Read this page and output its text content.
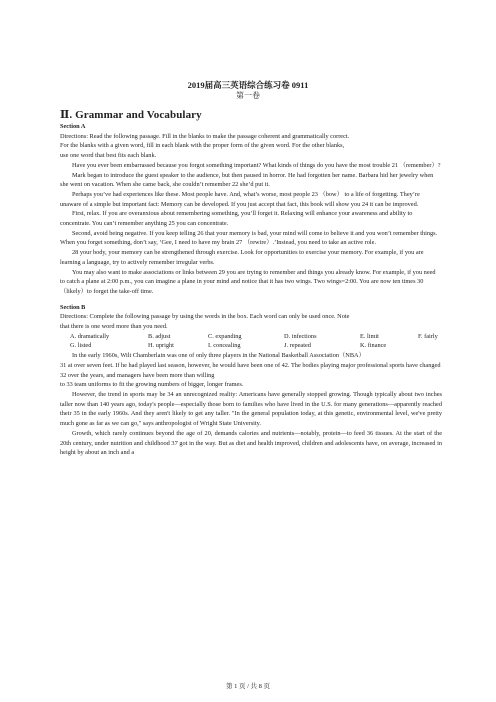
2019届高三英语综合练习卷 0911
第一卷
Ⅱ. Grammar and Vocabulary

Section A

Directions: Read the following passage. Fill in the blanks to make the passage coherent and grammatically correct.

For the blanks with a given word, fill in each blank with the proper form of the given word. For the other blanks,

use one word that best fits each blank.

Have you ever been embarrassed because you forgot something important? What kinds of things do you have the most trouble 21 （remember）?

Mark began to introduce the guest speaker to the audience, but then paused in horror. He had forgotten her name. Barbara hid her jewelry when she went on vacation. When she came back, she couldn’t remember 22 she’d put it.

Perhaps you’ve had experiences like these. Most people have. And, what’s worse, most people 23 （bow） to a life of forgetting. They’re unaware of a simple but important fact: Memory can be developed. If you just accept that fact, this book will show you 24 it can be improved.

First, relax. If you are overanxious about remembering something, you’ll forget it. Relaxing will enhance your awareness and ability to concentrate. You can’t remember anything 25 you can concentrate.

Second, avoid being negative. If you keep telling 26 that your memory is bad, your mind will come to believe it and you won’t remember things. When you forget something, don’t say, ‘Gee, I need to have my brain 27 （rewire）.’Instead, you need to take an active role.

28 your body, your memory can be strengthened through exercise. Look for opportunities to exercise your memory. For example, if you are learning a language, try to actively remember irregular verbs.

You may also want to make associations or links between 29 you are trying to remember and things you already know. For example, if you need to catch a plane at 2:00 p.m., you can imagine a plane in your mind and notice that it has two wings. Two wings=2:00. You are now ten times 30 （likely）to forget the take-off time.

Section B

Directions: Complete the following passage by using the words in the box. Each word can only be used once. Note

that there is one word more than you need.

A. dramatically	B. adjust	C. expanding	D. infections	E. limit	F. fairly
G. listed	H. upright	I. concealing	J. repeated	K. finance

In the early 1960s, Wilt Chamberlain was one of only three players in the National Basketball Association（NBA）

31 at over seven feet. If he had played last season, however, he would have been one of 42. The bodies playing major professional sports have changed 32 over the years, and managers have been more than willing

to 33 team uniforms to fit the growing numbers of bigger, longer frames.

However, the trend in sports may be 34 an unrecognized reality: Americans have generally stopped growing. Though typically about two inches taller now than 140 years ago, today's people—especially those born to families who have lived in the U.S. for many generations—apparently reached their 35 in the early 1960s. And they aren't likely to get any taller. "In the general population today, at this genetic, environmental level, we've pretty much gone as far as we can go," says anthropologist of Wright State University.

Growth, which rarely continues beyond the age of 20, demands calories and nutrients—notably, protein—to feed 36 tissues. At the start of the 20th century, under nutrition and childhood 37 got in the way. But as diet and health improved, children and adolescents have, on average, increased in height by about an inch and a

第 1 页 / 共 8 页
